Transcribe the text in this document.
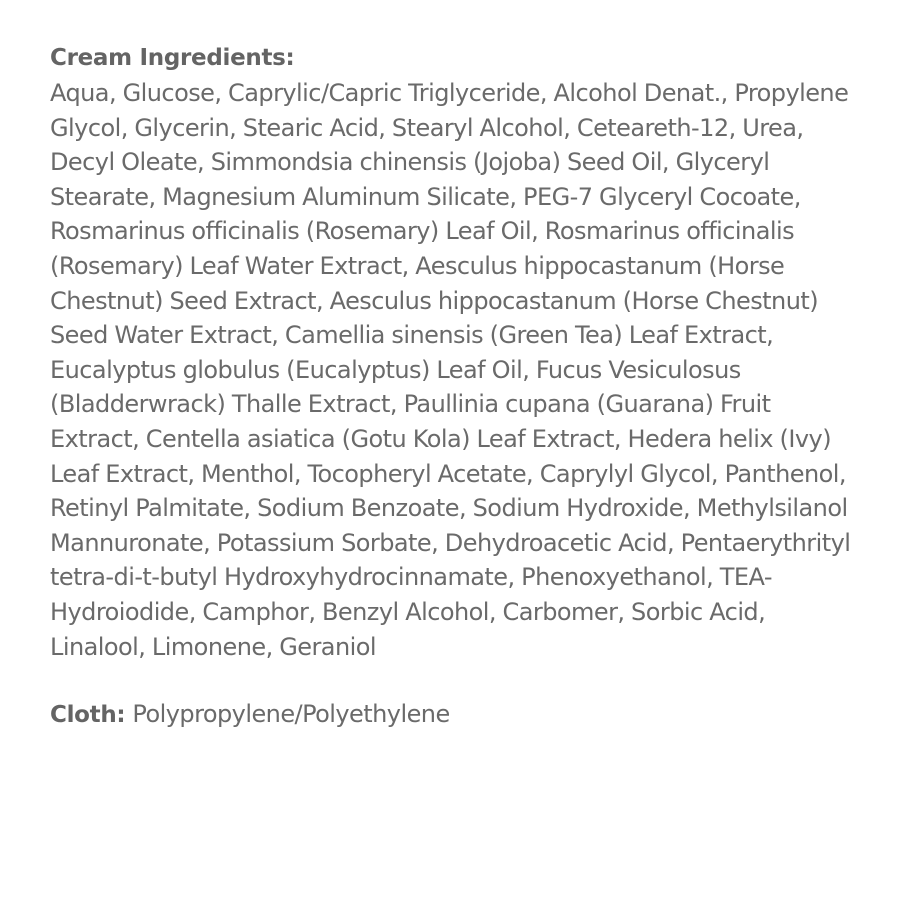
Cream Ingredients:

Aqua, Glucose, Caprylic/Capric Triglyceride, Alcohol Denat., Propylene Glycol, Glycerin, Stearic Acid, Stearyl Alcohol, Ceteareth-12, Urea, Decyl Oleate, Simmondsia chinensis (Jojoba) Seed Oil, Glyceryl Stearate, Magnesium Aluminum Silicate, PEG-7 Glyceryl Cocoate, Rosmarinus officinalis (Rosemary) Leaf Oil, Rosmarinus officinalis (Rosemary) Leaf Water Extract, Aesculus hippocastanum (Horse Chestnut) Seed Extract, Aesculus hippocastanum (Horse Chestnut) Seed Water Extract, Camellia sinensis (Green Tea) Leaf Extract, Eucalyptus globulus (Eucalyptus) Leaf Oil, Fucus Vesiculosus (Bladderwrack) Thalle Extract, Paullinia cupana (Guarana) Fruit Extract, Centella asiatica (Gotu Kola) Leaf Extract, Hedera helix (Ivy) Leaf Extract, Menthol, Tocopheryl Acetate, Caprylyl Glycol, Panthenol, Retinyl Palmitate, Sodium Benzoate, Sodium Hydroxide, Methylsilanol Mannuronate, Potassium Sorbate, Dehydroacetic Acid, Pentaerythrityl tetra-di-t-butyl Hydroxyhydrocinnamate, Phenoxyethanol, TEA-Hydroiodide, Camphor, Benzyl Alcohol, Carbomer, Sorbic Acid, Linalool, Limonene, Geraniol

Cloth: Polypropylene/Polyethylene
